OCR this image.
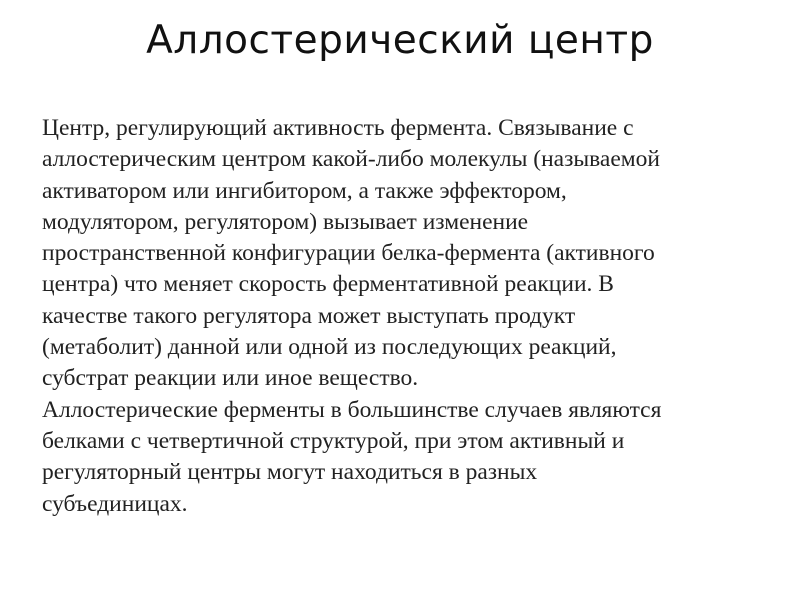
Аллостерический центр
Центр, регулирующий активность фермента. Связывание с
аллостерическим центром какой-либо молекулы (называемой
активатором или ингибитором, а также эффектором,
модулятором, регулятором) вызывает изменение
пространственной конфигурации белка-фермента (активного
центра) что меняет скорость ферментативной реакции. В
качестве такого регулятора может выступать продукт
(метаболит) данной или одной из последующих реакций,
субстрат реакции или иное вещество.
Аллостерические ферменты в большинстве случаев являются
белками с четвертичной структурой, при этом активный и
регуляторный центры могут находиться в разных
субъединицах.
